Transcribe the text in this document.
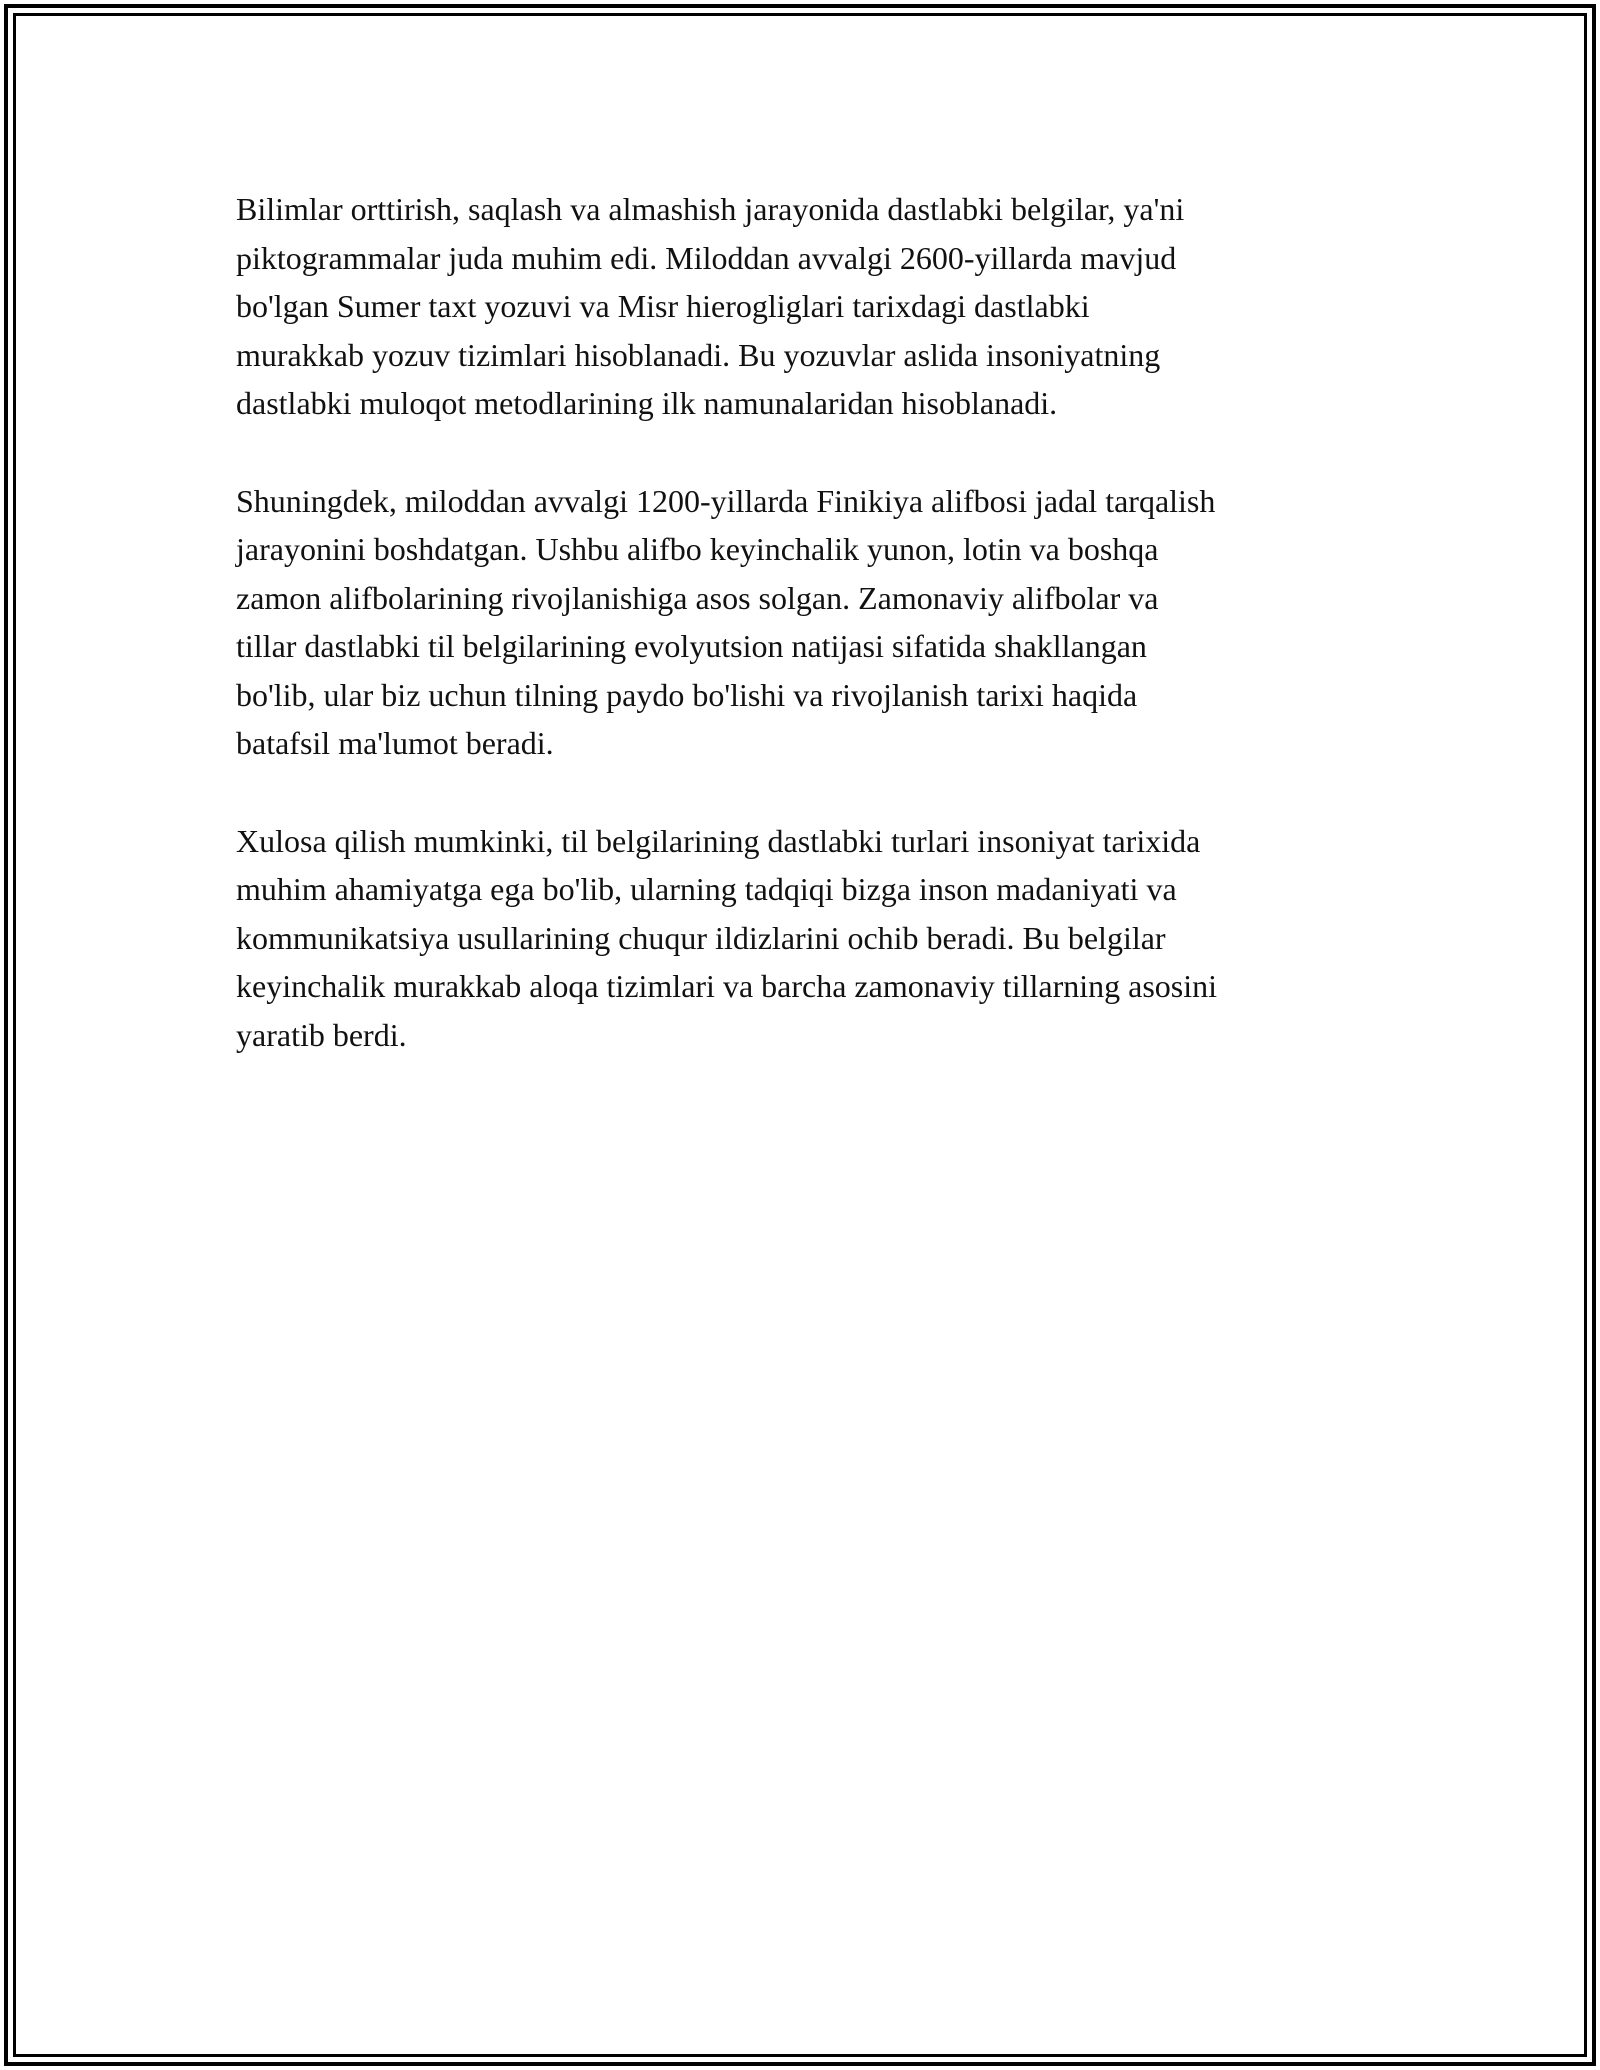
Bilimlar orttirish, saqlash va almashish jarayonida dastlabki belgilar, ya'ni
piktogrammalar juda muhim edi. Miloddan avvalgi 2600-yillarda mavjud
bo'lgan Sumer taxt yozuvi va Misr hierogliglari tarixdagi dastlabki
murakkab yozuv tizimlari hisoblanadi. Bu yozuvlar aslida insoniyatning
dastlabki muloqot metodlarining ilk namunalaridan hisoblanadi.

Shuningdek, miloddan avvalgi 1200-yillarda Finikiya alifbosi jadal tarqalish
jarayonini boshdatgan. Ushbu alifbo keyinchalik yunon, lotin va boshqa
zamon alifbolarining rivojlanishiga asos solgan. Zamonaviy alifbolar va
tillar dastlabki til belgilarining evolyutsion natijasi sifatida shakllangan
bo'lib, ular biz uchun tilning paydo bo'lishi va rivojlanish tarixi haqida
batafsil ma'lumot beradi.

Xulosa qilish mumkinki, til belgilarining dastlabki turlari insoniyat tarixida
muhim ahamiyatga ega bo'lib, ularning tadqiqi bizga inson madaniyati va
kommunikatsiya usullarining chuqur ildizlarini ochib beradi. Bu belgilar
keyinchalik murakkab aloqa tizimlari va barcha zamonaviy tillarning asosini
yaratib berdi.
